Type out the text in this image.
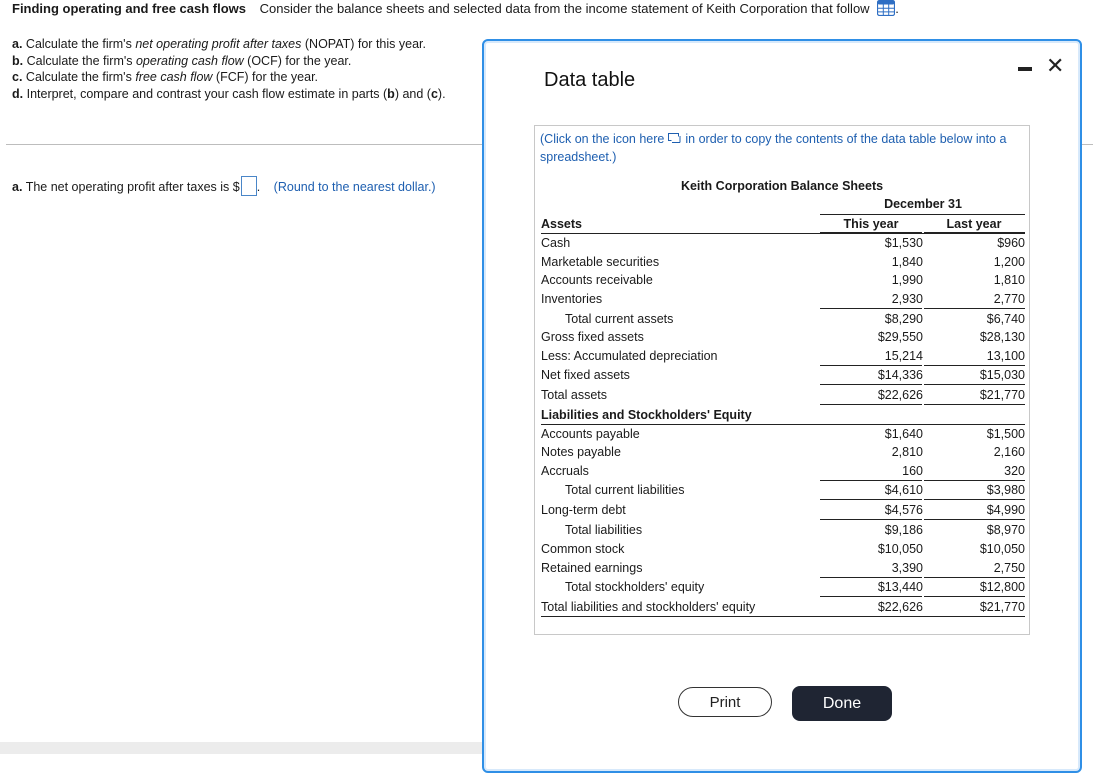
Finding operating and free cash flows Consider the balance sheets and selected data from the income statement of Keith Corporation that follow .
a. Calculate the firm's net operating profit after taxes (NOPAT) for this year.
b. Calculate the firm's operating cash flow (OCF) for the year.
c. Calculate the firm's free cash flow (FCF) for the year.
d. Interpret, compare and contrast your cash flow estimate in parts (b) and (c).
a. The net operating profit after taxes is $ . (Round to the nearest dollar.)
Data table
✕
(Click on the icon here in order to copy the contents of the data table below into a spreadsheet.)
Keith Corporation Balance Sheets
December 31
This year	Last year
Assets
Cash	$1,530	$960
Marketable securities	1,840	1,200
Accounts receivable	1,990	1,810
Inventories	2,930	2,770
Total current assets	$8,290	$6,740
Gross fixed assets	$29,550	$28,130
Less: Accumulated depreciation	15,214	13,100
Net fixed assets	$14,336	$15,030
Total assets	$22,626	$21,770
Liabilities and Stockholders' Equity
Accounts payable	$1,640	$1,500
Notes payable	2,810	2,160
Accruals	160	320
Total current liabilities	$4,610	$3,980
Long-term debt	$4,576	$4,990
Total liabilities	$9,186	$8,970
Common stock	$10,050	$10,050
Retained earnings	3,390	2,750
Total stockholders' equity	$13,440	$12,800
Total liabilities and stockholders' equity	$22,626	$21,770
Print	Done
